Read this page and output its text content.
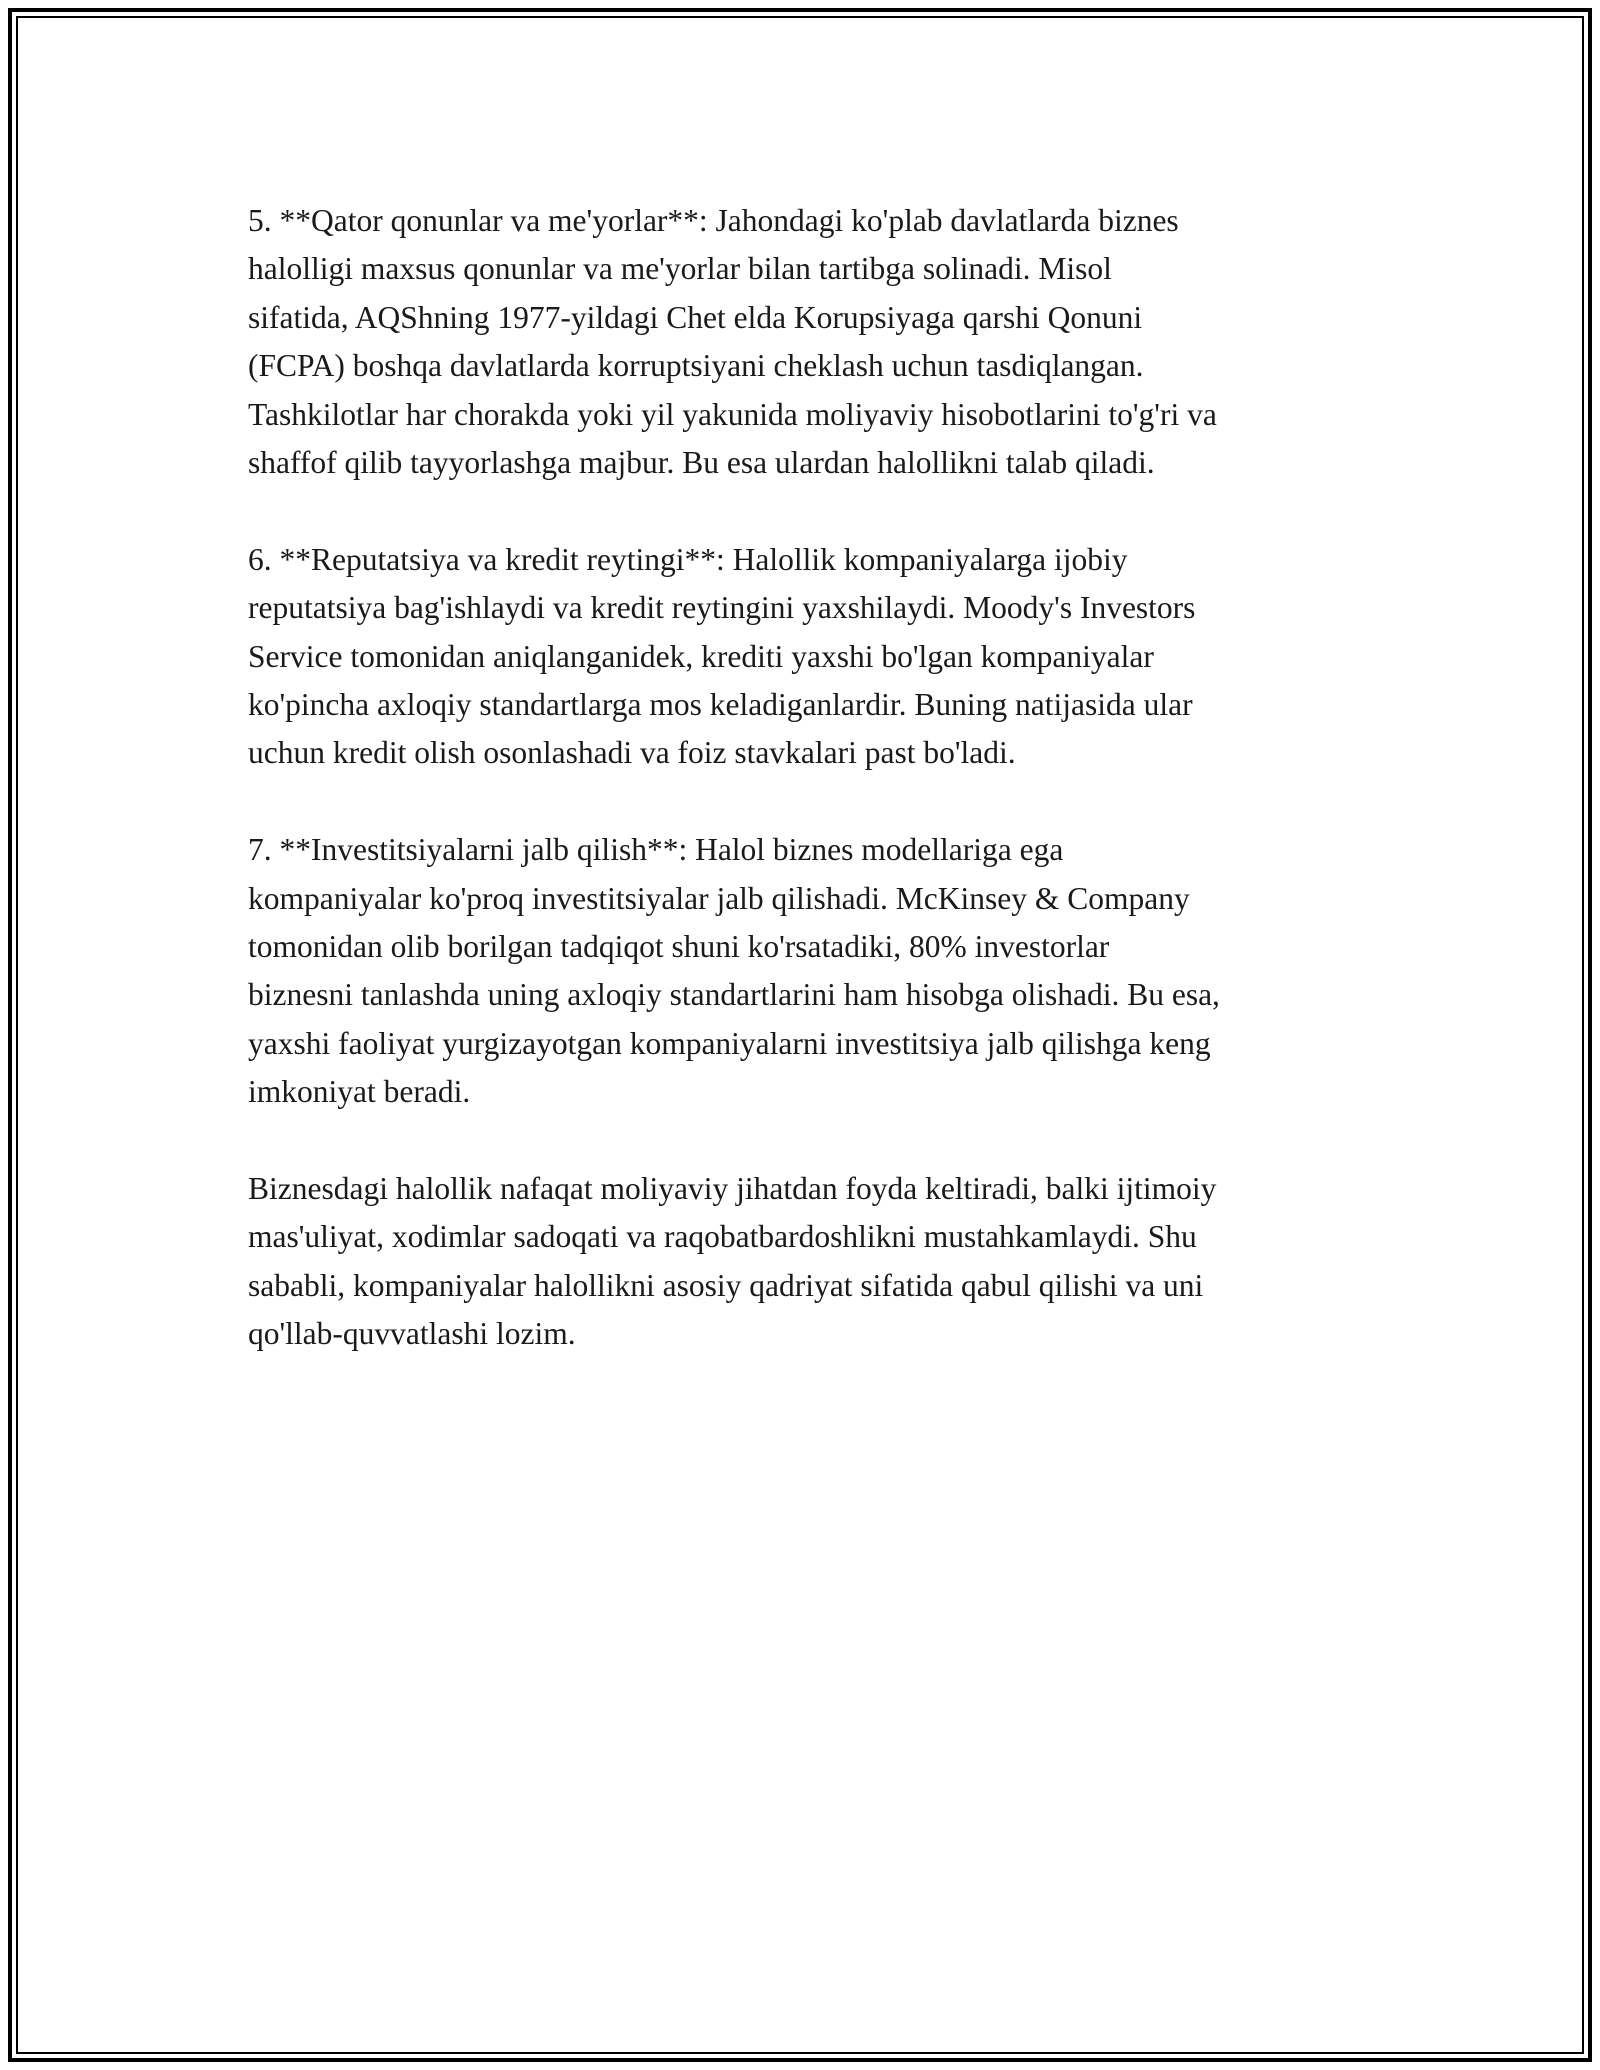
5. **Qator qonunlar va me'yorlar**: Jahondagi ko'plab davlatlarda biznes
halolligi maxsus qonunlar va me'yorlar bilan tartibga solinadi. Misol
sifatida, AQShning 1977-yildagi Chet elda Korupsiyaga qarshi Qonuni
(FCPA) boshqa davlatlarda korruptsiyani cheklash uchun tasdiqlangan.
Tashkilotlar har chorakda yoki yil yakunida moliyaviy hisobotlarini to'g'ri va
shaffof qilib tayyorlashga majbur. Bu esa ulardan halollikni talab qiladi.

6. **Reputatsiya va kredit reytingi**: Halollik kompaniyalarga ijobiy
reputatsiya bag'ishlaydi va kredit reytingini yaxshilaydi. Moody's Investors
Service tomonidan aniqlanganidek, krediti yaxshi bo'lgan kompaniyalar
ko'pincha axloqiy standartlarga mos keladiganlardir. Buning natijasida ular
uchun kredit olish osonlashadi va foiz stavkalari past bo'ladi.

7. **Investitsiyalarni jalb qilish**: Halol biznes modellariga ega
kompaniyalar ko'proq investitsiyalar jalb qilishadi. McKinsey & Company
tomonidan olib borilgan tadqiqot shuni ko'rsatadiki, 80% investorlar
biznesni tanlashda uning axloqiy standartlarini ham hisobga olishadi. Bu esa,
yaxshi faoliyat yurgizayotgan kompaniyalarni investitsiya jalb qilishga keng
imkoniyat beradi.

Biznesdagi halollik nafaqat moliyaviy jihatdan foyda keltiradi, balki ijtimoiy
mas'uliyat, xodimlar sadoqati va raqobatbardoshlikni mustahkamlaydi. Shu
sababli, kompaniyalar halollikni asosiy qadriyat sifatida qabul qilishi va uni
qo'llab-quvvatlashi lozim.
